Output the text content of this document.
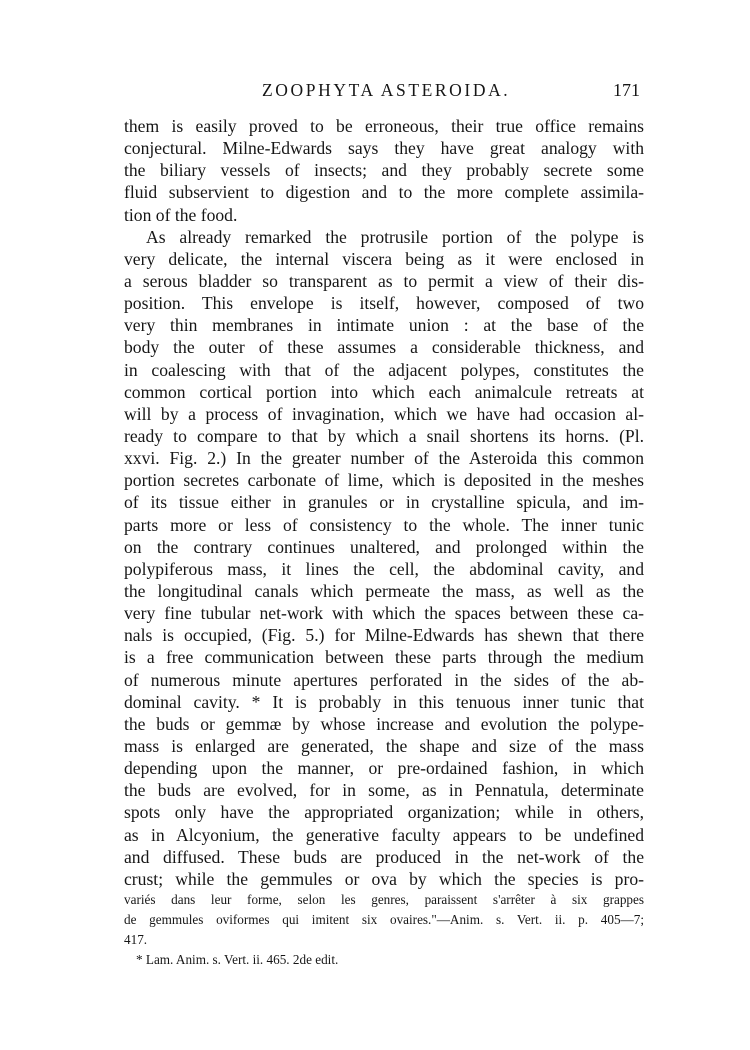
ZOOPHYTA ASTEROIDA.	171
them is easily proved to be erroneous, their true office remains
conjectural. Milne-Edwards says they have great analogy with
the biliary vessels of insects; and they probably secrete some
fluid subservient to digestion and to the more complete assimila-
tion of the food.
As already remarked the protrusile portion of the polype is
very delicate, the internal viscera being as it were enclosed in
a serous bladder so transparent as to permit a view of their dis-
position. This envelope is itself, however, composed of two
very thin membranes in intimate union : at the base of the
body the outer of these assumes a considerable thickness, and
in coalescing with that of the adjacent polypes, constitutes the
common cortical portion into which each animalcule retreats at
will by a process of invagination, which we have had occasion al-
ready to compare to that by which a snail shortens its horns. (Pl.
xxvi. Fig. 2.) In the greater number of the Asteroida this common
portion secretes carbonate of lime, which is deposited in the meshes
of its tissue either in granules or in crystalline spicula, and im-
parts more or less of consistency to the whole. The inner tunic
on the contrary continues unaltered, and prolonged within the
polypiferous mass, it lines the cell, the abdominal cavity, and
the longitudinal canals which permeate the mass, as well as the
very fine tubular net-work with which the spaces between these ca-
nals is occupied, (Fig. 5.) for Milne-Edwards has shewn that there
is a free communication between these parts through the medium
of numerous minute apertures perforated in the sides of the ab-
dominal cavity. * It is probably in this tenuous inner tunic that
the buds or gemmæ by whose increase and evolution the polype-
mass is enlarged are generated, the shape and size of the mass
depending upon the manner, or pre-ordained fashion, in which
the buds are evolved, for in some, as in Pennatula, determinate
spots only have the appropriated organization; while in others,
as in Alcyonium, the generative faculty appears to be undefined
and diffused. These buds are produced in the net-work of the
crust; while the gemmules or ova by which the species is pro-
variés dans leur forme, selon les genres, paraissent s'arrêter à six grappes
de gemmules oviformes qui imitent six ovaires."—Anim. s. Vert. ii. p. 405—7;
417.
* Lam. Anim. s. Vert. ii. 465. 2de edit.
